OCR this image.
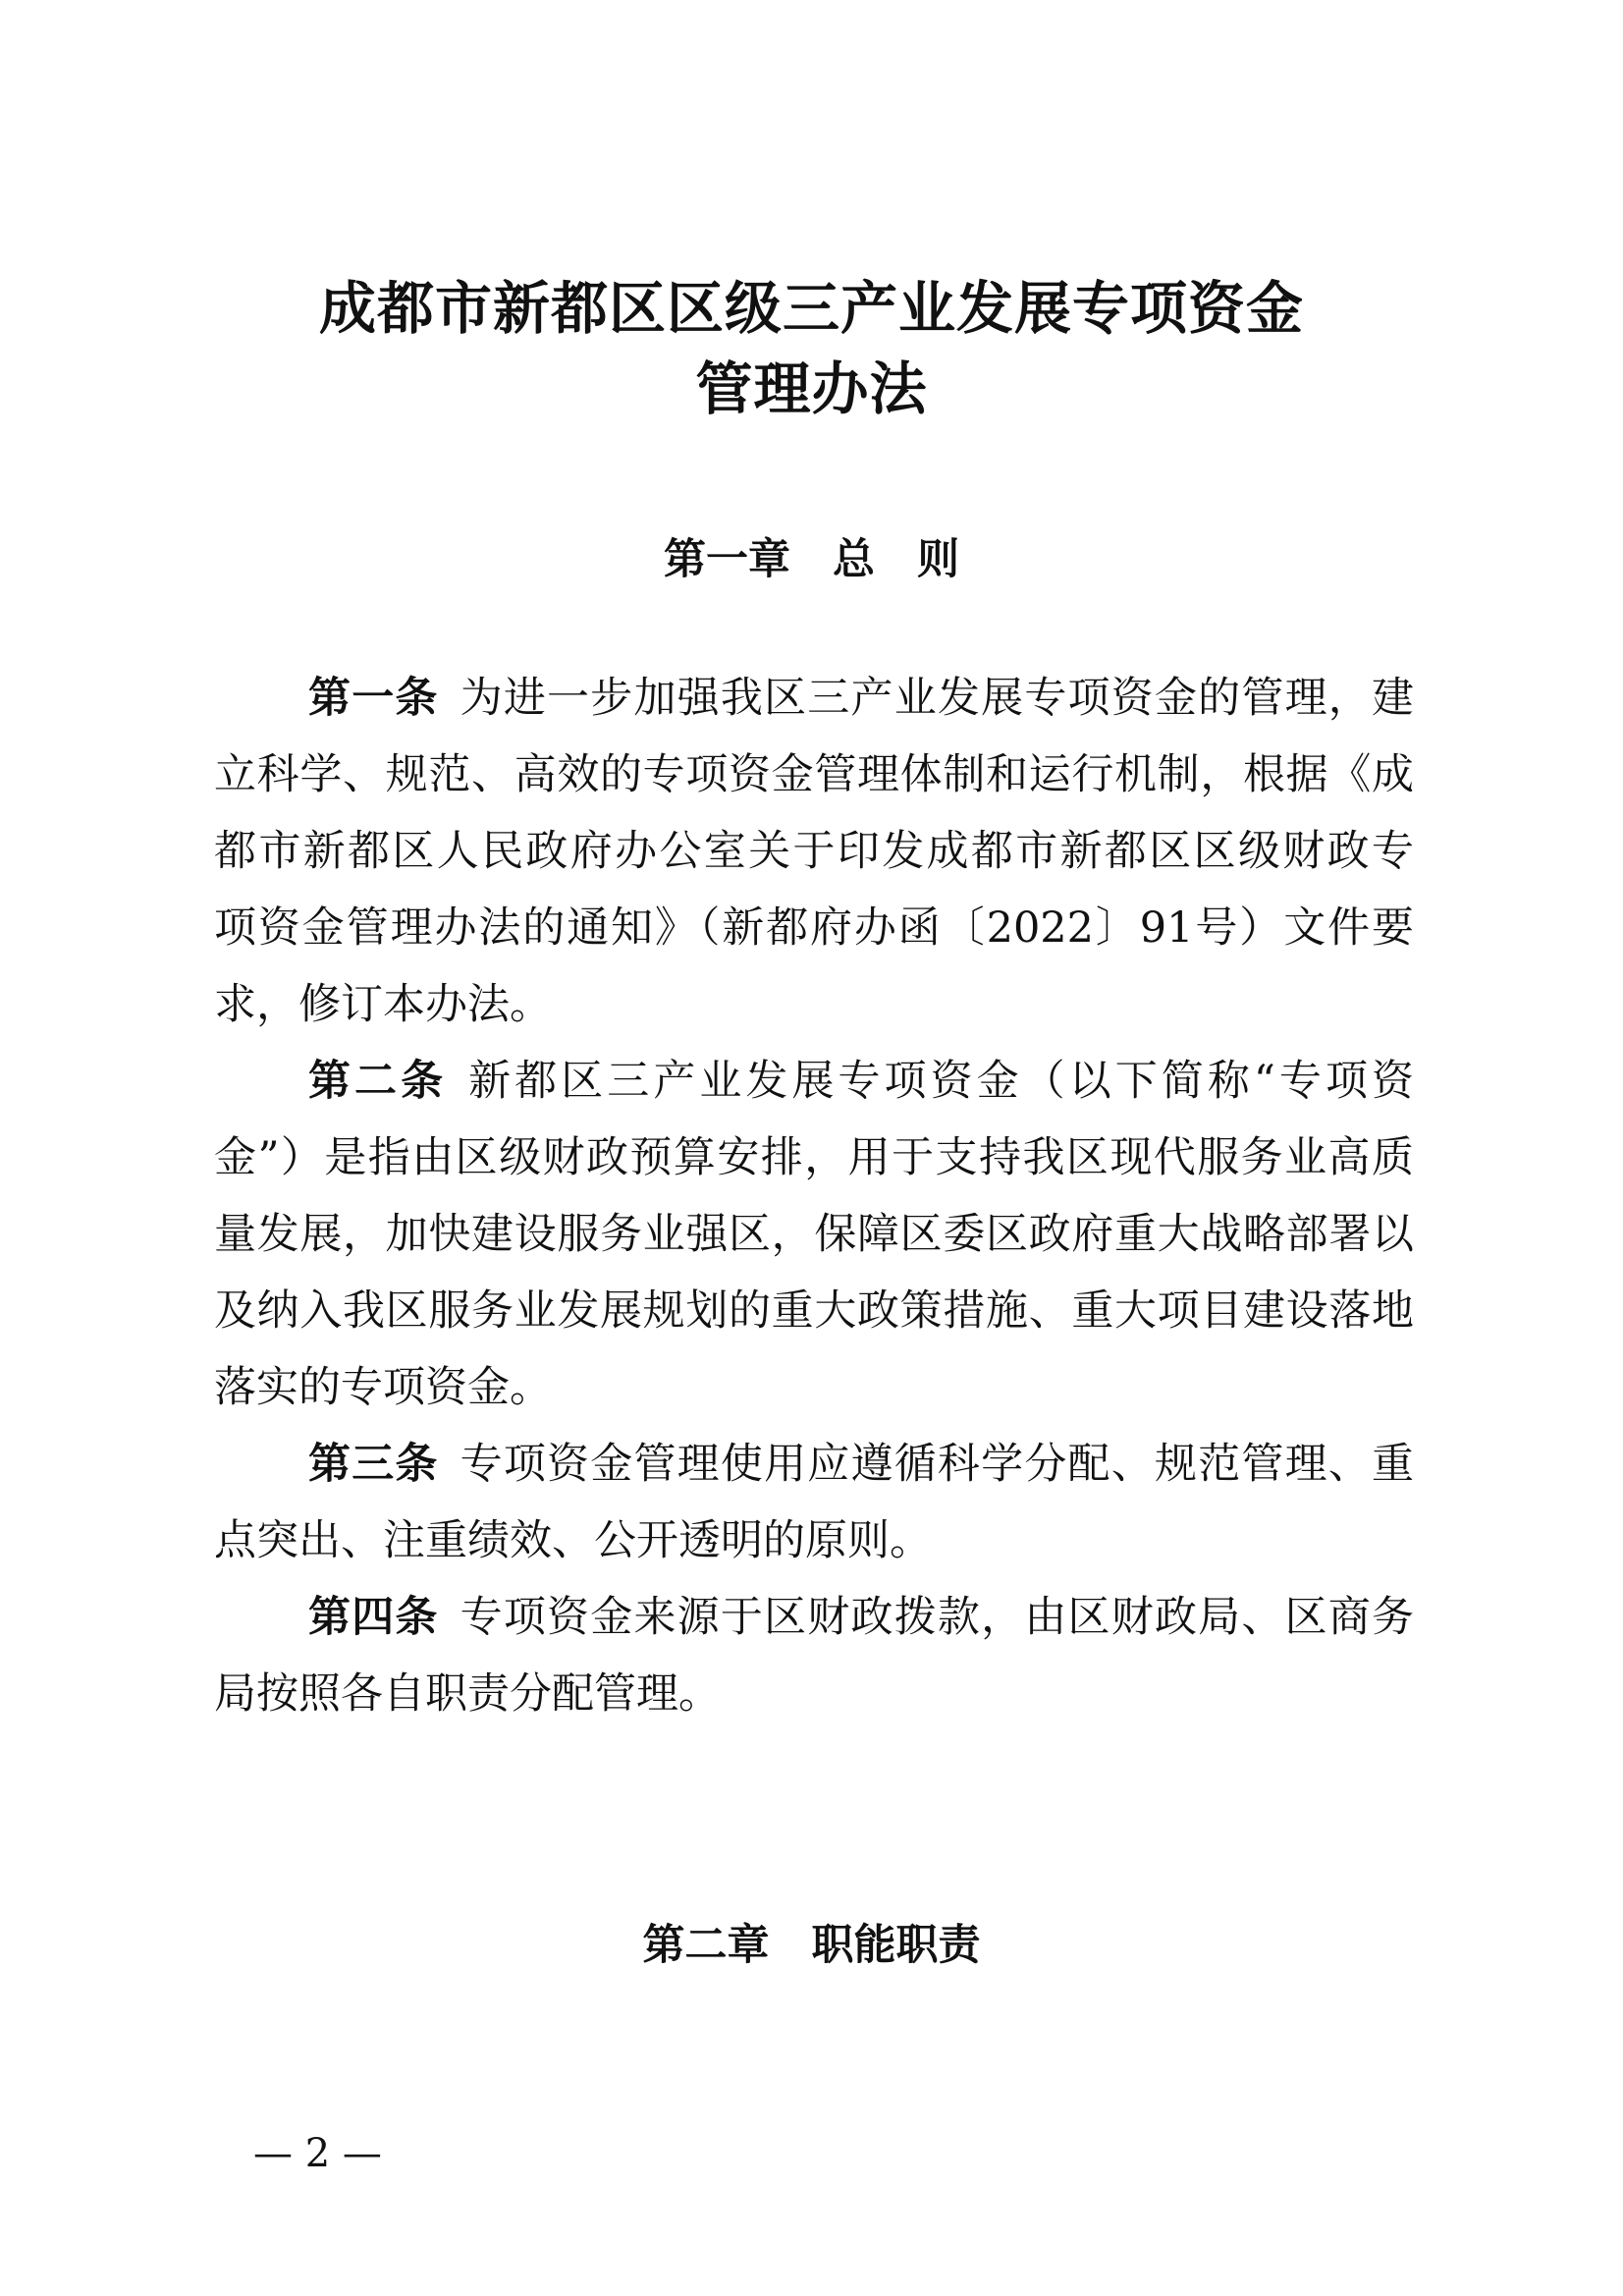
成都市新都区区级三产业发展专项资金
管理办法
第一章　总　则
第一条 为进一步加强我区三产业发展专项资金的管理，建
立科学、规范、高效的专项资金管理体制和运行机制，根据《成
都市新都区人民政府办公室关于印发成都市新都区区级财政专
项资金管理办法的通知》（新都府办函〔2022〕91号）文件要
求，修订本办法。
第二条 新都区三产业发展专项资金（以下简称“专项资
金”）是指由区级财政预算安排，用于支持我区现代服务业高质
量发展，加快建设服务业强区，保障区委区政府重大战略部署以
及纳入我区服务业发展规划的重大政策措施、重大项目建设落地
落实的专项资金。
第三条 专项资金管理使用应遵循科学分配、规范管理、重
点突出、注重绩效、公开透明的原则。
第四条 专项资金来源于区财政拨款，由区财政局、区商务
局按照各自职责分配管理。
第二章　职能职责
— 2 —
